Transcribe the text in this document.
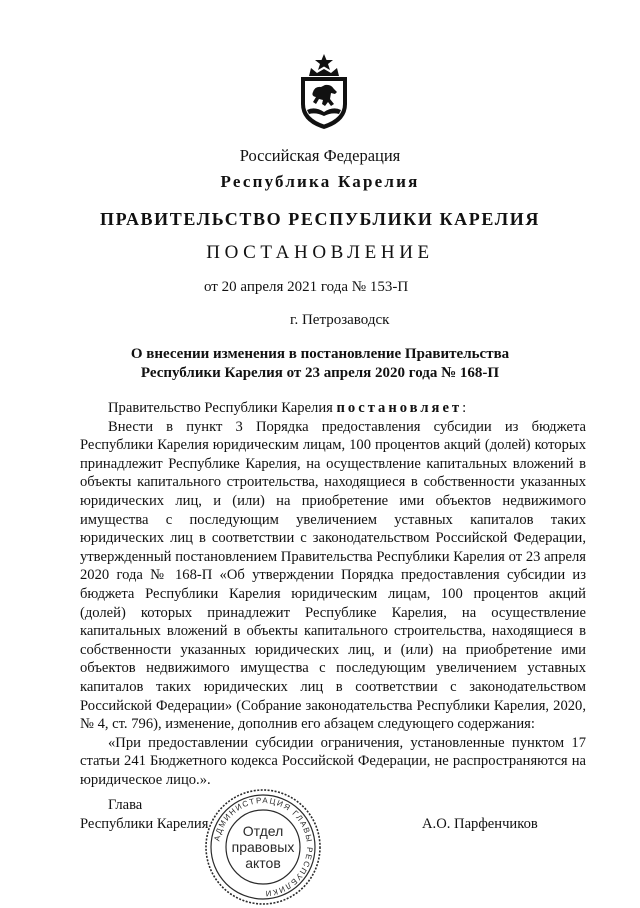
Российская Федерация
Республика Карелия
ПРАВИТЕЛЬСТВО РЕСПУБЛИКИ КАРЕЛИЯ
ПОСТАНОВЛЕНИЕ
от 20 апреля 2021 года № 153-П
г. Петрозаводск
О внесении изменения в постановление Правительства
Республики Карелия от 23 апреля 2020 года № 168-П

Правительство Республики Карелия постановляет:

Внести в пункт 3 Порядка предоставления субсидии из бюджета Республики Карелия юридическим лицам, 100 процентов акций (долей) которых принадлежит Республике Карелия, на осуществление капитальных вложений в объекты капитального строительства, находящиеся в собственности указанных юридических лиц, и (или) на приобретение ими объектов недвижимого имущества с последующим увеличением уставных капиталов таких юридических лиц в соответствии с законодательством Российской Федерации, утвержденный постановлением Правительства Республики Карелия от 23 апреля 2020 года № 168-П «Об утверждении Порядка предоставления субсидии из бюджета Республики Карелия юридическим лицам, 100 процентов акций (долей) которых принадлежит Республике Карелия, на осуществление капитальных вложений в объекты капитального строительства, находящиеся в собственности указанных юридических лиц, и (или) на приобретение ими объектов недвижимого имущества с последующим увеличением уставных капиталов таких юридических лиц в соответствии с законодательством Российской Федерации» (Собрание законодательства Республики Карелия, 2020, № 4, ст. 796), изменение, дополнив его абзацем следующего содержания:

«При предоставлении субсидии ограничения, установленные пунктом 17 статьи 241 Бюджетного кодекса Российской Федерации, не распространяются на юридическое лицо.».

Глава
Республики Карелия	А.О. Парфенчиков
АДМИНИСТРАЦИЯ ГЛАВЫ РЕСПУБЛИКИ
Отдел
правовых
актов
